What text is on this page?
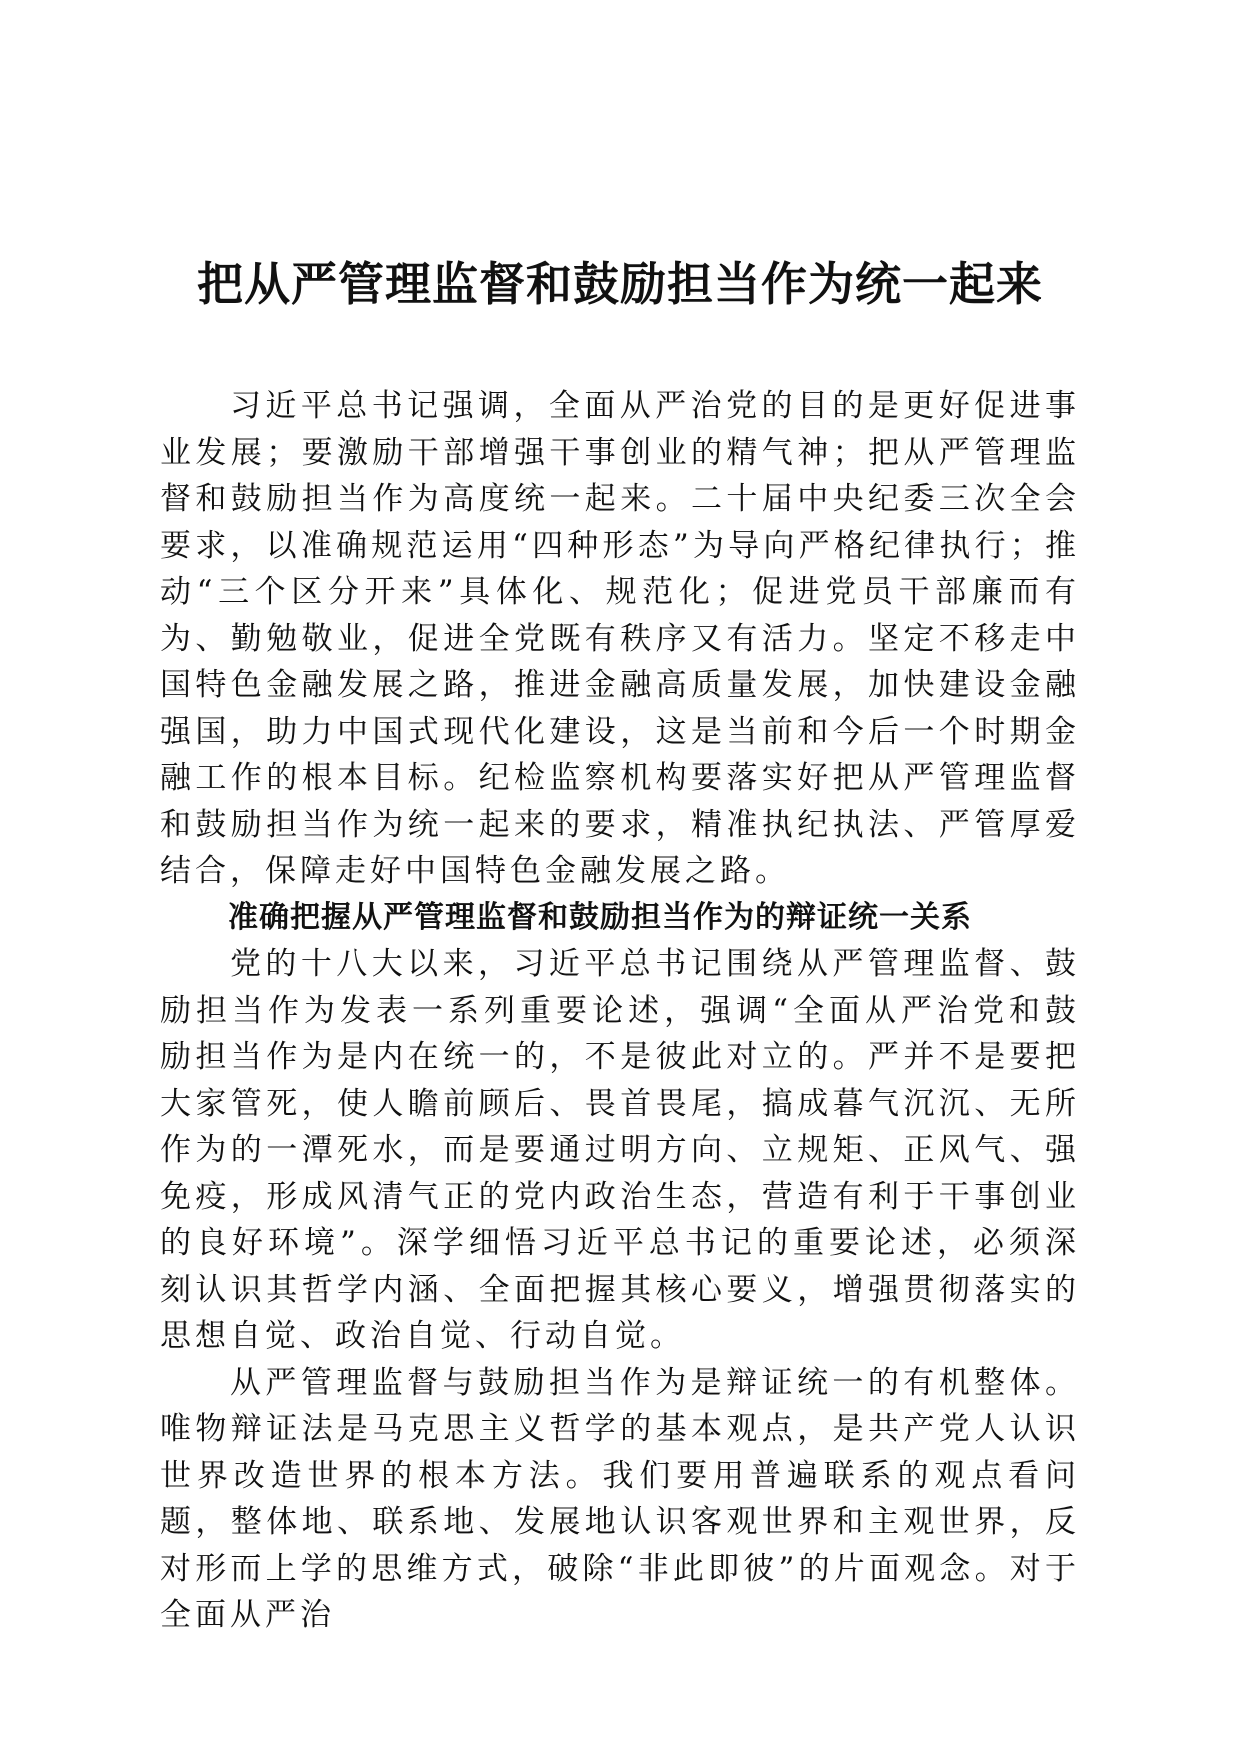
把从严管理监督和鼓励担当作为统一起来

习近平总书记强调，全面从严治党的目的是更好促进事业发展；要激励干部增强干事创业的精气神；把从严管理监督和鼓励担当作为高度统一起来。二十届中央纪委三次全会要求，以准确规范运用“四种形态”为导向严格纪律执行；推动“三个区分开来”具体化、规范化；促进党员干部廉而有为、勤勉敬业，促进全党既有秩序又有活力。坚定不移走中国特色金融发展之路，推进金融高质量发展，加快建设金融强国，助力中国式现代化建设，这是当前和今后一个时期金融工作的根本目标。纪检监察机构要落实好把从严管理监督和鼓励担当作为统一起来的要求，精准执纪执法、严管厚爱结合，保障走好中国特色金融发展之路。

准确把握从严管理监督和鼓励担当作为的辩证统一关系

党的十八大以来，习近平总书记围绕从严管理监督、鼓励担当作为发表一系列重要论述，强调“全面从严治党和鼓励担当作为是内在统一的，不是彼此对立的。严并不是要把大家管死，使人瞻前顾后、畏首畏尾，搞成暮气沉沉、无所作为的一潭死水，而是要通过明方向、立规矩、正风气、强免疫，形成风清气正的党内政治生态，营造有利于干事创业的良好环境”。深学细悟习近平总书记的重要论述，必须深刻认识其哲学内涵、全面把握其核心要义，增强贯彻落实的思想自觉、政治自觉、行动自觉。

从严管理监督与鼓励担当作为是辩证统一的有机整体。唯物辩证法是马克思主义哲学的基本观点，是共产党人认识世界改造世界的根本方法。我们要用普遍联系的观点看问题，整体地、联系地、发展地认识客观世界和主观世界，反对形而上学的思维方式，破除“非此即彼”的片面观念。对于全面从严治
